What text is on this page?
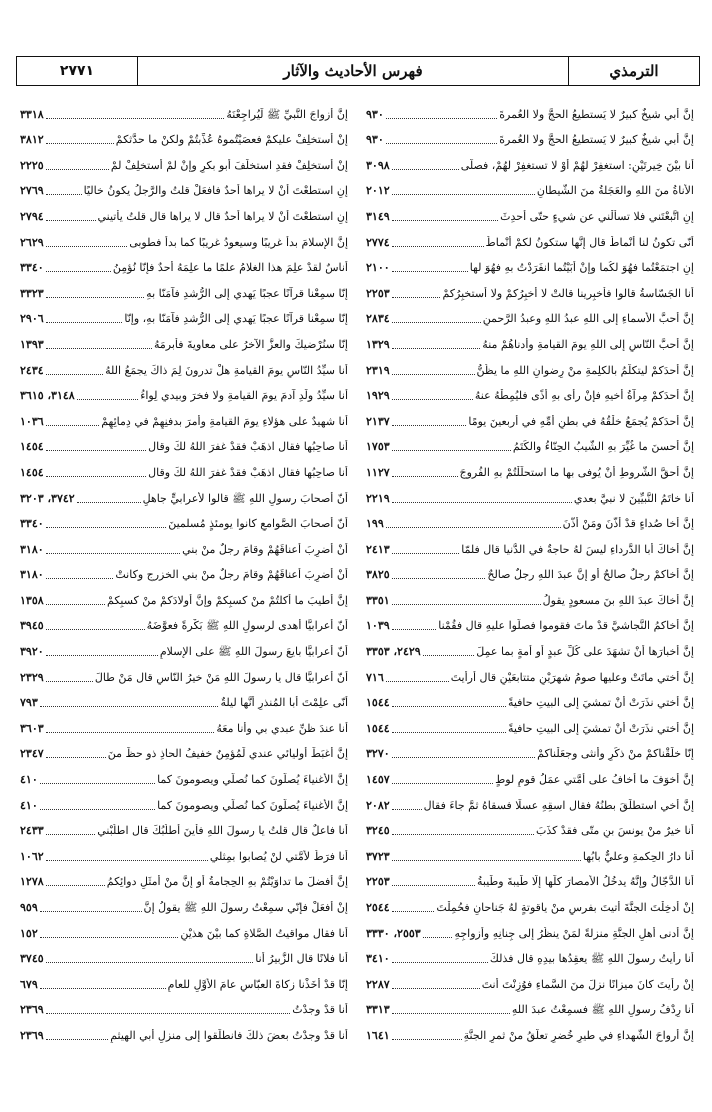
الترمذي
فهرس الأحاديث والآثار
٢٧٧١
إنَّ أبي شيخٌ كبيرٌ لا يَستطيعُ الحجَّ ولا العُمرةَ
٩٣٠
إنَّ أبي شيخٌ كبيرٌ لا يَستطيعُ الحجَّ ولا العُمرةَ
٩٣٠
أنا بيْنَ خِيرتَيْنِ: استغفِرْ لهُمْ أوْ لا تستغفِرْ لهُمْ، فصلّى
٣٠٩٨
الأَناةُ منَ اللهِ والعَجَلةُ منَ الشَّيطانِ
٢٠١٢
إنِ اتَّبعْتَني فلا تسألْني عن شيءٍ حتّى أُحدِثَ
٣١٤٩
أنّى تكونُ لنا أنْماطٌ قال إنَّها ستكونُ لكمْ أنْماطٌ
٢٧٧٤
إنِ اجتمَعْتُما فهُوَ لكُما وإنْ أبَيْتُما انفَرَدْتُ بهِ فهُوَ لها
٢١٠٠
أنا الجَسّاسةُ قالوا فأخبِرينا قالتْ لا أُخبِرُكمْ ولا أستخبِرُكمْ
٢٢٥٣
إنَّ أحبَّ الأسماءِ إلى اللهِ عبدُ اللهِ وعبدُ الرَّحمنِ
٢٨٣٤
إنَّ أحبَّ النّاسِ إلى اللهِ يومَ القيامةِ وأدناهُمْ منهُ
١٣٢٩
إنَّ أحدَكمْ ليتكلَّمُ بالكلِمةِ منْ رِضوانِ اللهِ ما يظُنُّ
٢٣١٩
إنَّ أحدَكمْ مِرآةُ أخيهِ فإنْ رأى بهِ أذًى فليُمِطْهُ عنهُ
١٩٢٩
إنَّ أحدَكمْ يُجمَعُ خلْقُهُ في بطنِ أُمِّهِ في أربعينَ يومًا
٢١٣٧
إنَّ أحسنَ ما غُيِّرَ بهِ الشَّيبُ الحِنّاءُ والكَتَمُ
١٧٥٣
إنَّ أحقَّ الشُّروطِ أنْ يُوفى بها ما استحلَلْتُمْ بهِ الفُروجَ
١١٢٧
أنا خاتَمُ النَّبيِّينَ لا نبيَّ بعدي
٢٢١٩
إنَّ أخا صُداءٍ قدْ أذَّنَ ومَنْ أذَّنَ
١٩٩
إنَّ أخاكَ أبا الدَّرداءِ ليسَ لهُ حاجةٌ في الدُّنيا قال فلمّا
٢٤١٣
إنَّ أخاكمْ رجلٌ صالحٌ أو إنَّ عبدَ اللهِ رجلٌ صالحٌ
٣٨٢٥
إنَّ أخاكَ عبدَ اللهِ بنَ مسعودٍ يقولُ
٣٣٥١
إنَّ أخاكمُ النَّجاشيَّ قدْ ماتَ فقوموا فصلّوا عليهِ قال فقُمْنا
١٠٣٩
إنَّ أخبارَها أنْ تشهَدَ على كُلِّ عبدٍ أو أمةٍ بما عمِلَ
٢٤٢٩، ٣٣٥٣
إنَّ أختي ماتَتْ وعليها صومُ شهرَيْنِ متتابعَيْنِ قال أرأيتَ
٧١٦
إنَّ أختي نذَرَتْ أنْ تمشيَ إلى البيتِ حافيةً
١٥٤٤
إنَّ أختي نذَرَتْ أنْ تمشيَ إلى البيتِ حافيةً
١٥٤٤
إنّا خلَقْناكمْ منْ ذكَرٍ وأُنثى وجعَلْناكمْ
٣٢٧٠
إنَّ أخوَفَ ما أخافُ على أُمَّتي عمَلُ قومِ لوطٍ
١٤٥٧
إنَّ أخي استطلَقَ بطنُهُ فقال اسقِهِ عسلًا فسقاهُ ثمَّ جاءَ فقال
٢٠٨٢
أنا خيرٌ منْ يونسَ بنِ متّى فقدْ كذَبَ
٣٢٤٥
أنا دارُ الحِكمةِ وعليٌّ بابُها
٣٧٢٣
أنا الدَّجّالُ وإنَّهُ يدخُلُ الأمصارَ كلَّها إلّا طَيبةَ وطَيبةُ
٢٢٥٣
إنْ أُدخِلْتَ الجنَّةَ أُتيتَ بفرسٍ منْ ياقوتةٍ لهُ جَناحانِ فحُمِلْتَ
٢٥٤٤
إنَّ أدنى أهلِ الجنَّةِ منزلةً لمَنْ ينظُرُ إلى جِنانِهِ وأزواجِهِ
٢٥٥٣، ٣٣٣٠
أنا رأيتُ رسولَ اللهِ ﷺ يعقِدُها بيدِهِ قال فذلكَ
٣٤١٠
إنْ رأيتَ كانَ ميزانًا نزلَ منَ السَّماءِ فوُزِنْتَ أنتَ
٢٢٨٧
أنا رِدْفُ رسولِ اللهِ ﷺ فسمِعْتُ عبدَ اللهِ
٣٣١٣
إنَّ أرواحَ الشُّهداءِ في طيرٍ خُضرٍ تعلَّقُ منْ ثمرِ الجنَّةِ
١٦٤١
إنَّ أزواجَ النَّبيِّ ﷺ لَيُراجِعْنَهُ
٣٣١٨
إنْ أستخلِفْ عليكمْ فعصَيْتُموهُ عُذِّبتُمْ ولكنْ ما حدَّثكمْ
٣٨١٢
إنْ أستخلِفْ فقدِ استخلَفَ أبو بكرٍ وإنْ لمْ أستخلِفْ لمْ
٢٢٢٥
إنِ استطعْتَ أنْ لا يراها أحدٌ فافعَلْ قلتُ والرَّجلُ يكونُ خاليًا
٢٧٦٩
إنِ استطعْتَ أنْ لا يراها أحدٌ قال لا يراها قال قلتُ يأتيني
٢٧٩٤
إنَّ الإسلامَ بدأَ غريبًا وسيعودُ غريبًا كما بدأَ فطوبى
٢٦٢٩
أناسٌ لقدْ علِمَ هذا الغلامُ علمًا ما علِمَهُ أحدٌ فإنّا نُؤمِنُ
٣٣٤٠
إنّا سمِعْنا قرآنًا عجبًا يَهدي إلى الرُّشدِ فآمَنّا بهِ
٣٣٢٣
إنّا سمِعْنا قرآنًا عجبًا يَهدي إلى الرُّشدِ فآمَنّا بهِ، وإنّا
٢٩٠٦
إنّا سنُرْضيكَ والعزُّ الآخرُ على معاويةَ فأبرمَهُ
١٣٩٣
أنا سيِّدُ النّاسِ يومَ القيامةِ هلْ تدرونَ لِمَ ذاكَ يجمَعُ اللهُ
٢٤٣٤
أنا سيِّدُ ولَدِ آدمَ يومَ القيامةِ ولا فخرَ وبيدي لِواءُ
٣١٤٨، ٣٦١٥
أنا شهيدٌ على هؤلاءِ يومَ القيامةِ وأمرَ بدفنِهِمْ في دِمائِهِمْ
١٠٣٦
أنا صاحِبُها فقال اذهَبْ فقدْ غفرَ اللهُ لكَ وقال
١٤٥٤
أنا صاحِبُها فقال اذهَبْ فقدْ غفرَ اللهُ لكَ وقال
١٤٥٤
أنّ أصحابَ رسولِ اللهِ ﷺ قالوا لأعرابيٍّ جاهلٍ
٣٧٤٢، ٣٢٠٣
أنّ أصحابَ الصَّوامعِ كانوا يومئذٍ مُسلمينَ
٣٣٤٠
أنْ أضرِبَ أعناقَهُمْ وقامَ رجلٌ منْ بني
٣١٨٠
أنْ أضرِبَ أعناقَهُمْ وقامَ رجلٌ منْ بني الخزرجِ وكانتْ
٣١٨٠
إنَّ أطيبَ ما أكلتُمْ منْ كسبِكمْ وإنَّ أولادَكمْ منْ كسبِكمْ
١٣٥٨
أنّ أعرابيًّا أهدى لرسولِ اللهِ ﷺ بَكْرةً فعوَّضَهُ
٣٩٤٥
أنّ أعرابيًّا بايعَ رسولَ اللهِ ﷺ على الإسلامِ
٣٩٢٠
أنّ أعرابيًّا قال يا رسولَ اللهِ مَنْ خيرُ النّاسِ قال مَنْ طالَ
٢٣٢٩
أنّى علِمْتَ أبا المُنذرِ أنَّها ليلةٌ
٧٩٣
أنا عندَ ظنِّ عبدي بي وأنا معَهُ
٣٦٠٣
إنَّ أغبَطَ أوليائي عندي لَمُؤمِنٌ خفيفُ الحاذِ ذو حظٍّ منَ
٢٣٤٧
إنَّ الأغنياءَ يُصلّونَ كما نُصلّي ويصومونَ كما
٤١٠
إنَّ الأغنياءَ يُصلّونَ كما نُصلّي ويصومونَ كما
٤١٠
أنا فاعلٌ قال قلتُ يا رسولَ اللهِ فأينَ أطلُبُكَ قال اطلُبْني
٢٤٣٣
أنا فرَطٌ لأُمَّتي لنْ يُصابوا بمِثلي
١٠٦٢
إنَّ أفضلَ ما تداوَيْتُمْ بهِ الحِجامةُ أو إنَّ منْ أمثَلِ دوائِكمُ
١٢٧٨
إنْ أفعَلْ فإنّي سمِعْتُ رسولَ اللهِ ﷺ يقولُ إنَّ
٩٥٩
أنا فقال مواقيتُ الصَّلاةِ كما بيْنَ هذيْنِ
١٥٢
أنا فلانًا قال الزُّبيرُ أنا
٣٧٤٥
إنّا قدْ أخَذْنا زكاةَ العبّاسِ عامَ الأوَّلِ للعامِ
٦٧٩
أنا قدْ وجدْتُ
٢٣٦٩
أنا قدْ وجدْتُ بعضَ ذلكَ فانطلَقوا إلى منزلِ أبي الهيثمِ
٢٣٦٩
